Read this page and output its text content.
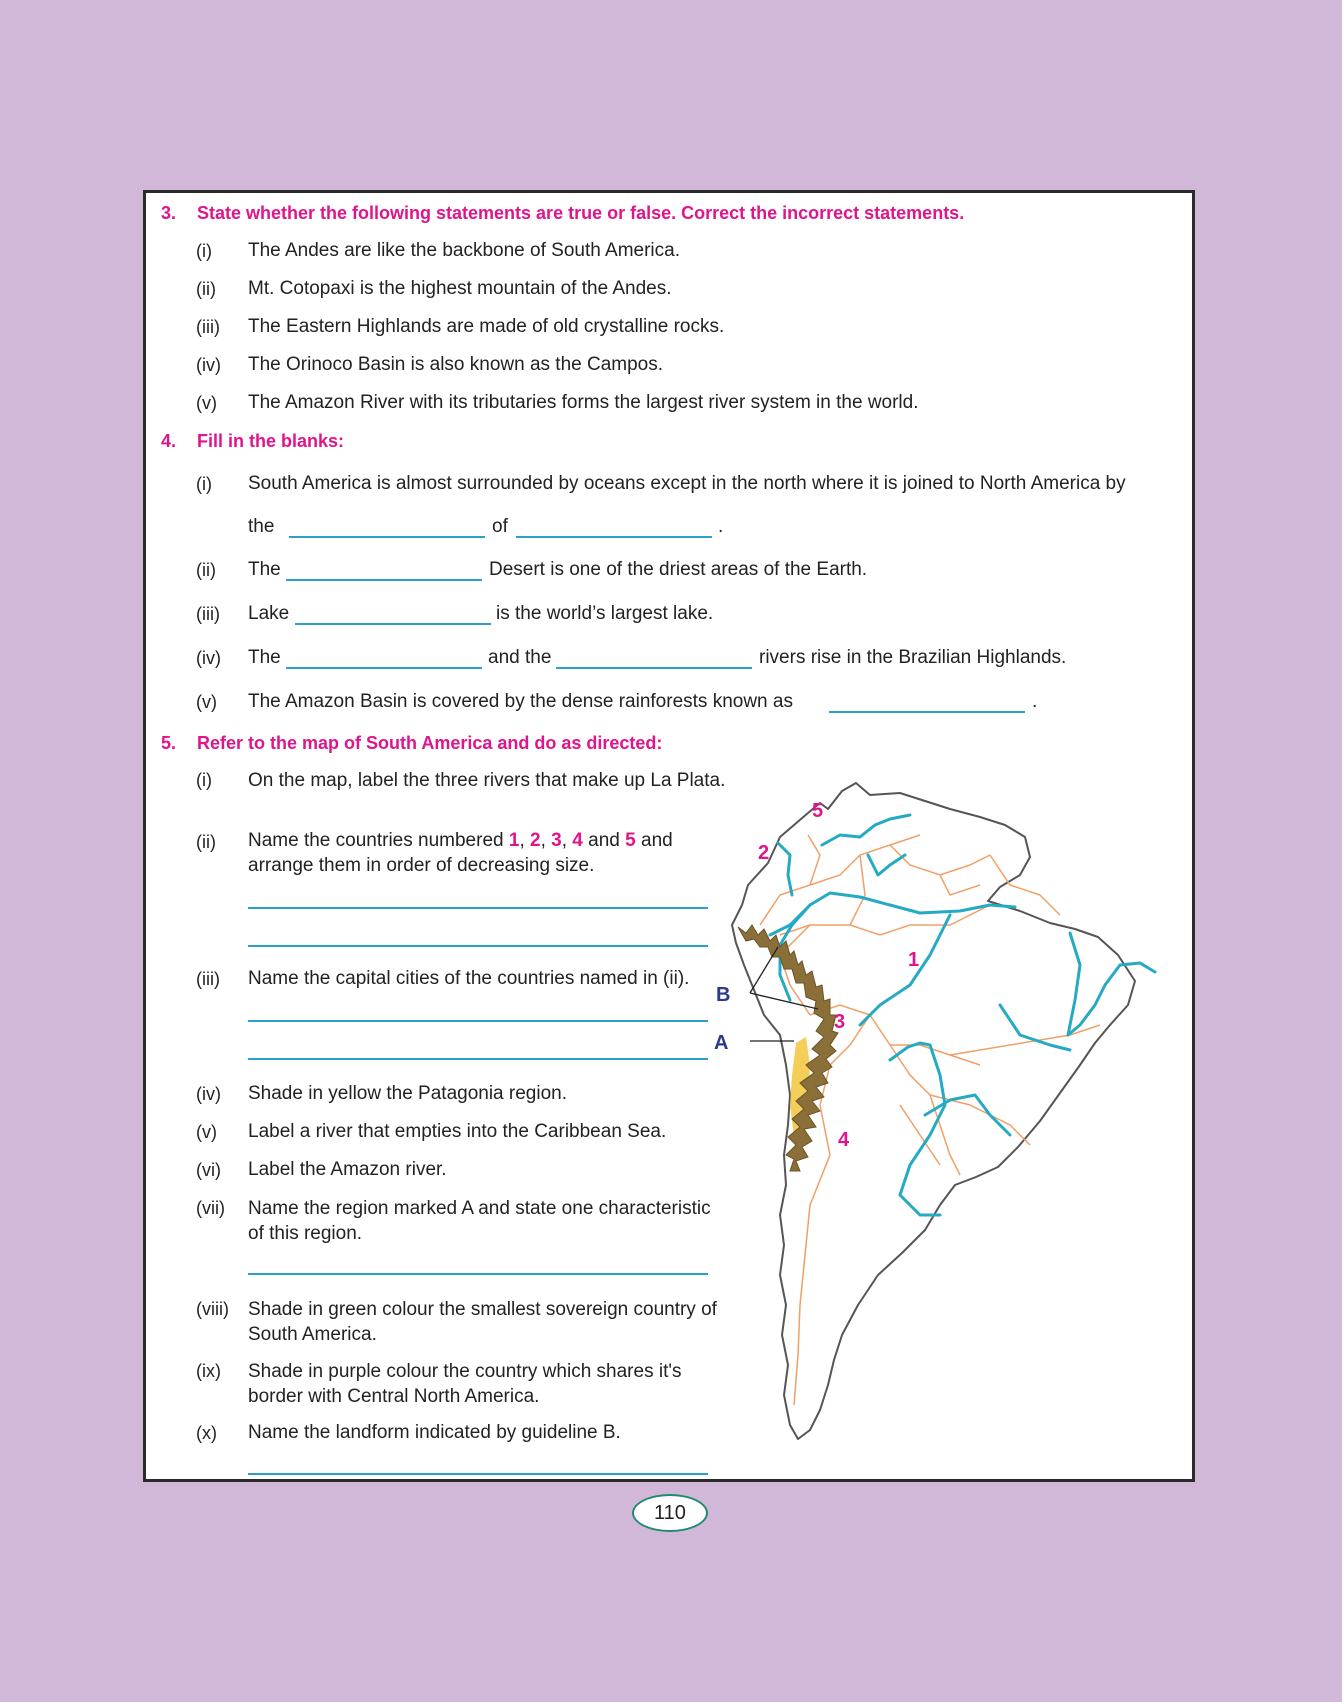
3. State whether the following statements are true or false. Correct the incorrect statements.
(i) The Andes are like the backbone of South America.
(ii) Mt. Cotopaxi is the highest mountain of the Andes.
(iii) The Eastern Highlands are made of old crystalline rocks.
(iv) The Orinoco Basin is also known as the Campos.
(v) The Amazon River with its tributaries forms the largest river system in the world.
4. Fill in the blanks:
(i) South America is almost surrounded by oceans except in the north where it is joined to North America by
the	of	.
(ii) The	Desert is one of the driest areas of the Earth.
(iii) Lake	is the world’s largest lake.
(iv) The	and the	rivers rise in the Brazilian Highlands.
(v) The Amazon Basin is covered by the dense rainforests known as	.
5. Refer to the map of South America and do as directed:
(i) On the map, label the three rivers that make up La Plata.
(ii) Name the countries numbered 1, 2, 3, 4 and 5 and
arrange them in order of decreasing size.
(iii) Name the capital cities of the countries named in (ii).
(iv) Shade in yellow the Patagonia region.
(v) Label a river that empties into the Caribbean Sea.
(vi) Label the Amazon river.
(vii) Name the region marked A and state one characteristic of this region.
(viii) Shade in green colour the smallest sovereign country of South America.
(ix) Shade in purple colour the country which shares it's border with Central North America.
(x) Name the landform indicated by guideline B.
5
2
1
3
4
B
A
110
